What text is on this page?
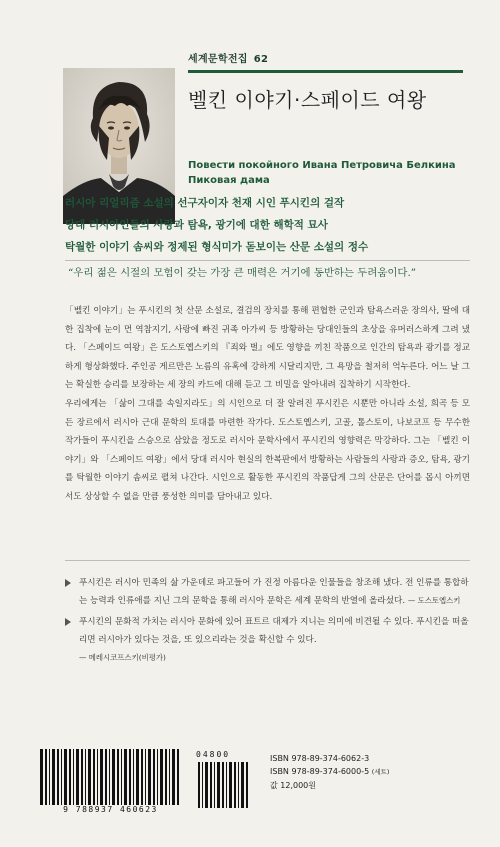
세계문학전집 62
벨킨 이야기·스페이드 여왕
Повести покойного Ивана Петровича Белкина
Пиковая дама
러시아 리얼리즘 소설의 선구자이자 천재 시인 푸시킨의 걸작
당대 러시아인들의 사랑과 탐욕, 광기에 대한 해학적 묘사
탁월한 이야기 솜씨와 정제된 형식미가 돋보이는 산문 소설의 정수
“우리 젊은 시절의 모험이 갖는 가장 큰 매력은 거기에 동반하는 두려움이다.”

「벨킨 이야기」는 푸시킨의 첫 산문 소설로, 결검의 장치를 통해 편협한 군인과 탐욕스러운 장의사, 딸에 대한 집착에 눈이 먼 역참지기, 사랑에 빠진 귀족 아가씨 등 방황하는 당대인들의 초상을 유머러스하게 그려 냈다. 「스페이드 여왕」은 도스토옙스키의 『죄와 벌』에도 영향을 끼친 작품으로 인간의 탐욕과 광기를 정교하게 형상화했다. 주인공 게르만은 노름의 유혹에 강하게 시달리지만, 그 욕망을 철저히 억누른다. 어느 날 그는 확실한 승리를 보장하는 세 장의 카드에 대해 듣고 그 비밀을 알아내려 집착하기 시작한다.

우리에게는 「삶이 그대를 속일지라도」의 시인으로 더 잘 알려진 푸시킨은 시뿐만 아니라 소설, 희곡 등 모든 장르에서 러시아 근대 문학의 토대를 마련한 작가다. 도스토옙스키, 고골, 톨스토이, 나보코프 등 무수한 작가들이 푸시킨을 스승으로 삼았을 정도로 러시아 문학사에서 푸시킨의 영향력은 막강하다. 그는 「벨킨 이야기」와 「스페이드 여왕」에서 당대 러시아 현실의 한복판에서 방황하는 사람들의 사랑과 증오, 탐욕, 광기를 탁월한 이야기 솜씨로 펼쳐 나간다. 시인으로 활동한 푸시킨의 작품답게 그의 산문은 단어를 몹시 아끼면서도 상상할 수 없을 만큼 풍성한 의미를 담아내고 있다.

푸시킨은 러시아 민족의 삶 가운데로 파고들어 가 진정 아름다운 인물들을 창조해 냈다. 전 인류를 통합하는 능력과 인류애를 지닌 그의 문학을 통해 러시아 문학은 세계 문학의 반열에 올라섰다. — 도스토옙스키
푸시킨의 문화적 가치는 러시아 문화에 있어 표트르 대제가 지니는 의미에 비견될 수 있다. 푸시킨을 떠올리면 러시아가 있다는 것을, 또 있으리라는 것을 확신할 수 있다.
— 메레시코프스키(비평가)
9 788937 460623
04800	ISBN 978-89-374-6062-3
ISBN 978-89-374-6000-5 (세트)
값 12,000원
